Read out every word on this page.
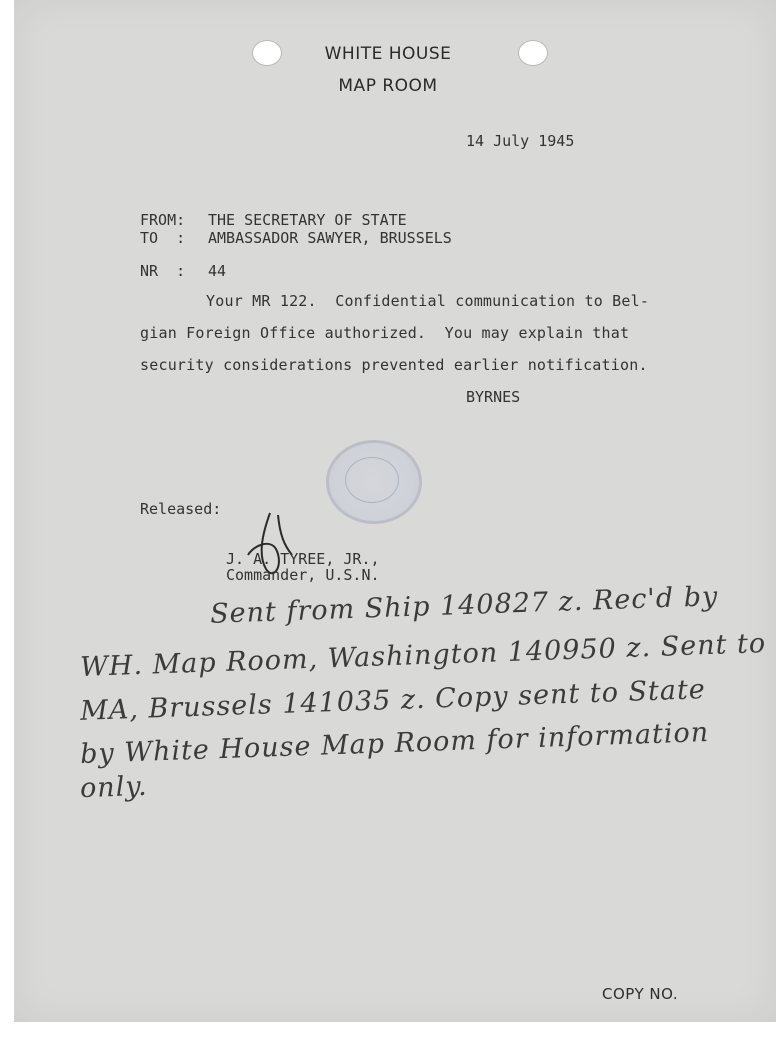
WHITE HOUSE
MAP ROOM
14 July 1945
FROM: THE SECRETARY OF STATE
TO  : AMBASSADOR SAWYER, BRUSSELS
NR  : 44
Your MR 122.  Confidential communication to Bel-
gian Foreign Office authorized.  You may explain that
security considerations prevented earlier notification.
BYRNES
Released:
J. A. TYREE, JR.,
Commander, U.S.N.
Sent from Ship 140827 z. Rec'd by
WH. Map Room, Washington 140950 z. Sent to
MA, Brussels 141035 z. Copy sent to State
by White House Map Room for information
only.
COPY NO.
